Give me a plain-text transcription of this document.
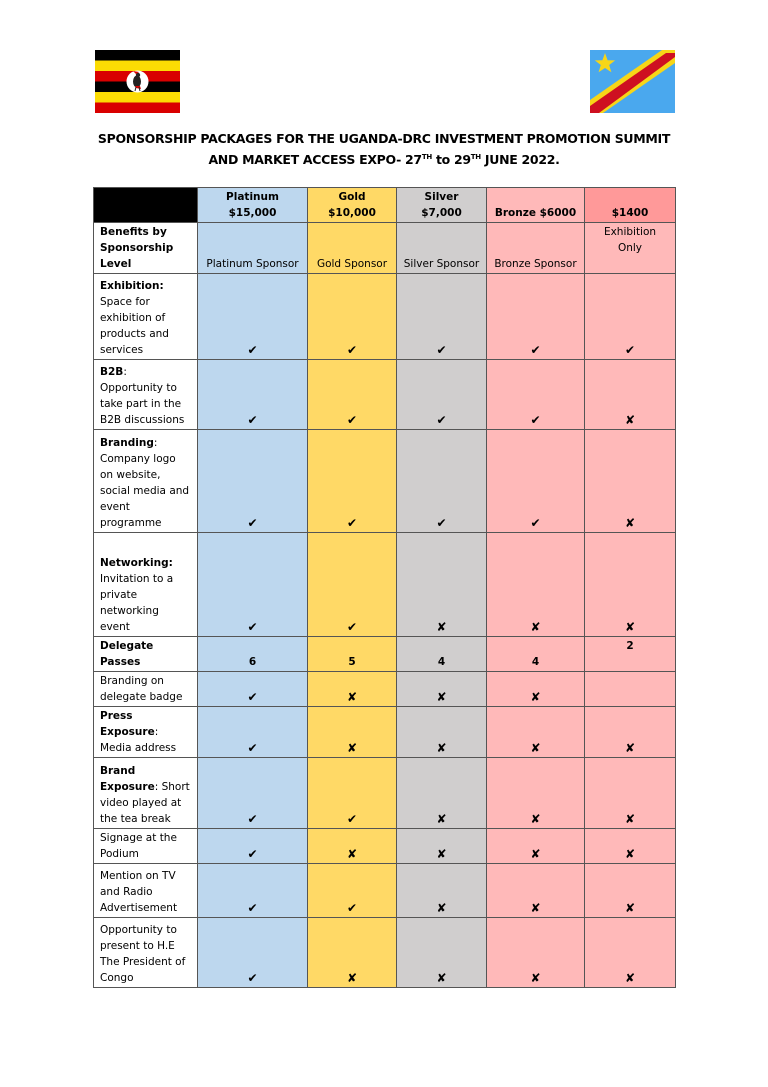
SPONSORSHIP PACKAGES FOR THE UGANDA-DRC INVESTMENT PROMOTION SUMMIT
AND MARKET ACCESS EXPO- 27TH to 29TH JUNE 2022.
	Platinum $15,000	Gold $10,000	Silver $7,000	Bronze $6000	$1400
Benefits by Sponsorship Level	Platinum Sponsor	Gold Sponsor	Silver Sponsor	Bronze Sponsor	Exhibition Only
Exhibition: Space for exhibition of products and services	✔	✔	✔	✔	✔
B2B: Opportunity to take part in the B2B discussions	✔	✔	✔	✔	✘
Branding: Company logo on website, social media and event programme	✔	✔	✔	✔	✘
Networking: Invitation to a private networking event	✔	✔	✘	✘	✘
Delegate Passes	6	5	4	4	2
Branding on delegate badge	✔	✘	✘	✘	
Press Exposure: Media address	✔	✘	✘	✘	✘
Brand Exposure: Short video played at the tea break	✔	✔	✘	✘	✘
Signage at the Podium	✔	✘	✘	✘	✘
Mention on TV and Radio Advertisement	✔	✔	✘	✘	✘
Opportunity to present to H.E The President of Congo	✔	✘	✘	✘	✘
